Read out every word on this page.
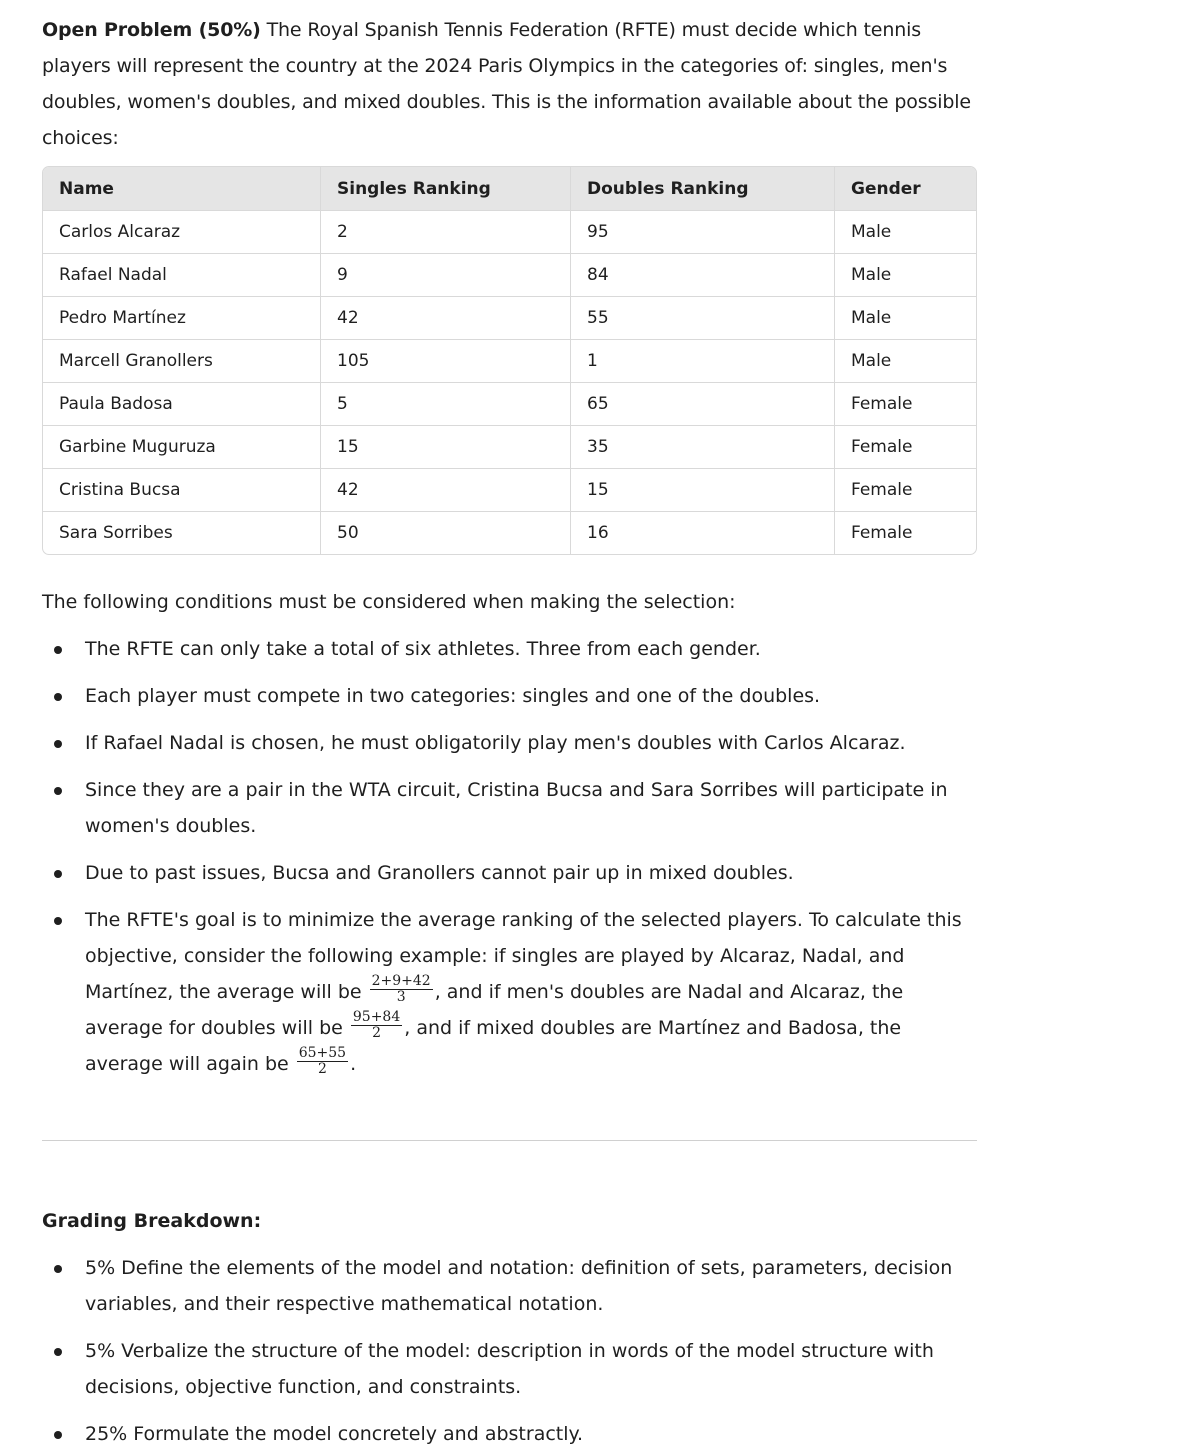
Open Problem (50%) The Royal Spanish Tennis Federation (RFTE) must decide which tennis players will represent the country at the 2024 Paris Olympics in the categories of: singles, men's doubles, women's doubles, and mixed doubles. This is the information available about the possible choices:

Name	Singles Ranking	Doubles Ranking	Gender
Carlos Alcaraz	2	95	Male
Rafael Nadal	9	84	Male
Pedro Martínez	42	55	Male
Marcell Granollers	105	1	Male
Paula Badosa	5	65	Female
Garbine Muguruza	15	35	Female
Cristina Bucsa	42	15	Female
Sara Sorribes	50	16	Female

The following conditions must be considered when making the selection:

The RFTE can only take a total of six athletes. Three from each gender.
Each player must compete in two categories: singles and one of the doubles.
If Rafael Nadal is chosen, he must obligatorily play men's doubles with Carlos Alcaraz.
Since they are a pair in the WTA circuit, Cristina Bucsa and Sara Sorribes will participate in women's doubles.
Due to past issues, Bucsa and Granollers cannot pair up in mixed doubles.
The RFTE's goal is to minimize the average ranking of the selected players. To calculate this objective, consider the following example: if singles are played by Alcaraz, Nadal, and Martínez, the average will be $\frac{2+9+42}{3}$ , and if men's doubles are Nadal and Alcaraz, the average for doubles will be $\frac{95+84}{2}$ , and if mixed doubles are Martínez and Badosa, the average will again be $\frac{65+55}{2}$ .

Grading Breakdown:

5% Define the elements of the model and notation: definition of sets, parameters, decision variables, and their respective mathematical notation.
5% Verbalize the structure of the model: description in words of the model structure with decisions, objective function, and constraints.
25% Formulate the model concretely and abstractly.
